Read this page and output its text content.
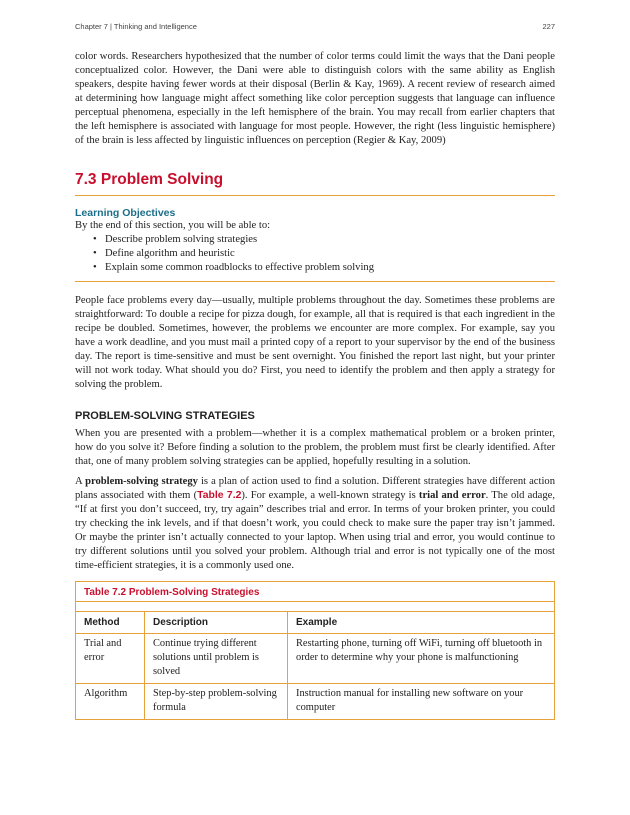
Chapter 7 | Thinking and Intelligence	227

color words. Researchers hypothesized that the number of color terms could limit the ways that the Dani people conceptualized color. However, the Dani were able to distinguish colors with the same ability as English speakers, despite having fewer words at their disposal (Berlin & Kay, 1969). A recent review of research aimed at determining how language might affect something like color perception suggests that language can influence perceptual phenomena, especially in the left hemisphere of the brain. You may recall from earlier chapters that the left hemisphere is associated with language for most people. However, the right (less linguistic hemisphere) of the brain is less affected by linguistic influences on perception (Regier & Kay, 2009)

7.3 Problem Solving
Learning Objectives

By the end of this section, you will be able to:

• Describe problem solving strategies
• Define algorithm and heuristic
• Explain some common roadblocks to effective problem solving

People face problems every day—usually, multiple problems throughout the day. Sometimes these problems are straightforward: To double a recipe for pizza dough, for example, all that is required is that each ingredient in the recipe be doubled. Sometimes, however, the problems we encounter are more complex. For example, say you have a work deadline, and you must mail a printed copy of a report to your supervisor by the end of the business day. The report is time-sensitive and must be sent overnight. You finished the report last night, but your printer will not work today. What should you do? First, you need to identify the problem and then apply a strategy for solving the problem.

PROBLEM-SOLVING STRATEGIES

When you are presented with a problem—whether it is a complex mathematical problem or a broken printer, how do you solve it? Before finding a solution to the problem, the problem must first be clearly identified. After that, one of many problem solving strategies can be applied, hopefully resulting in a solution.

A problem-solving strategy is a plan of action used to find a solution. Different strategies have different action plans associated with them (Table 7.2). For example, a well-known strategy is trial and error. The old adage, “If at first you don’t succeed, try, try again” describes trial and error. In terms of your broken printer, you could try checking the ink levels, and if that doesn’t work, you could check to make sure the paper tray isn’t jammed. Or maybe the printer isn’t actually connected to your laptop. When using trial and error, you would continue to try different solutions until you solved your problem. Although trial and error is not typically one of the most time-efficient strategies, it is a commonly used one.

Table 7.2 Problem-Solving Strategies
Method	Description	Example
Trial and error	Continue trying different solutions until problem is solved	Restarting phone, turning off WiFi, turning off bluetooth in order to determine why your phone is malfunctioning
Algorithm	Step-by-step problem-solving formula	Instruction manual for installing new software on your computer
